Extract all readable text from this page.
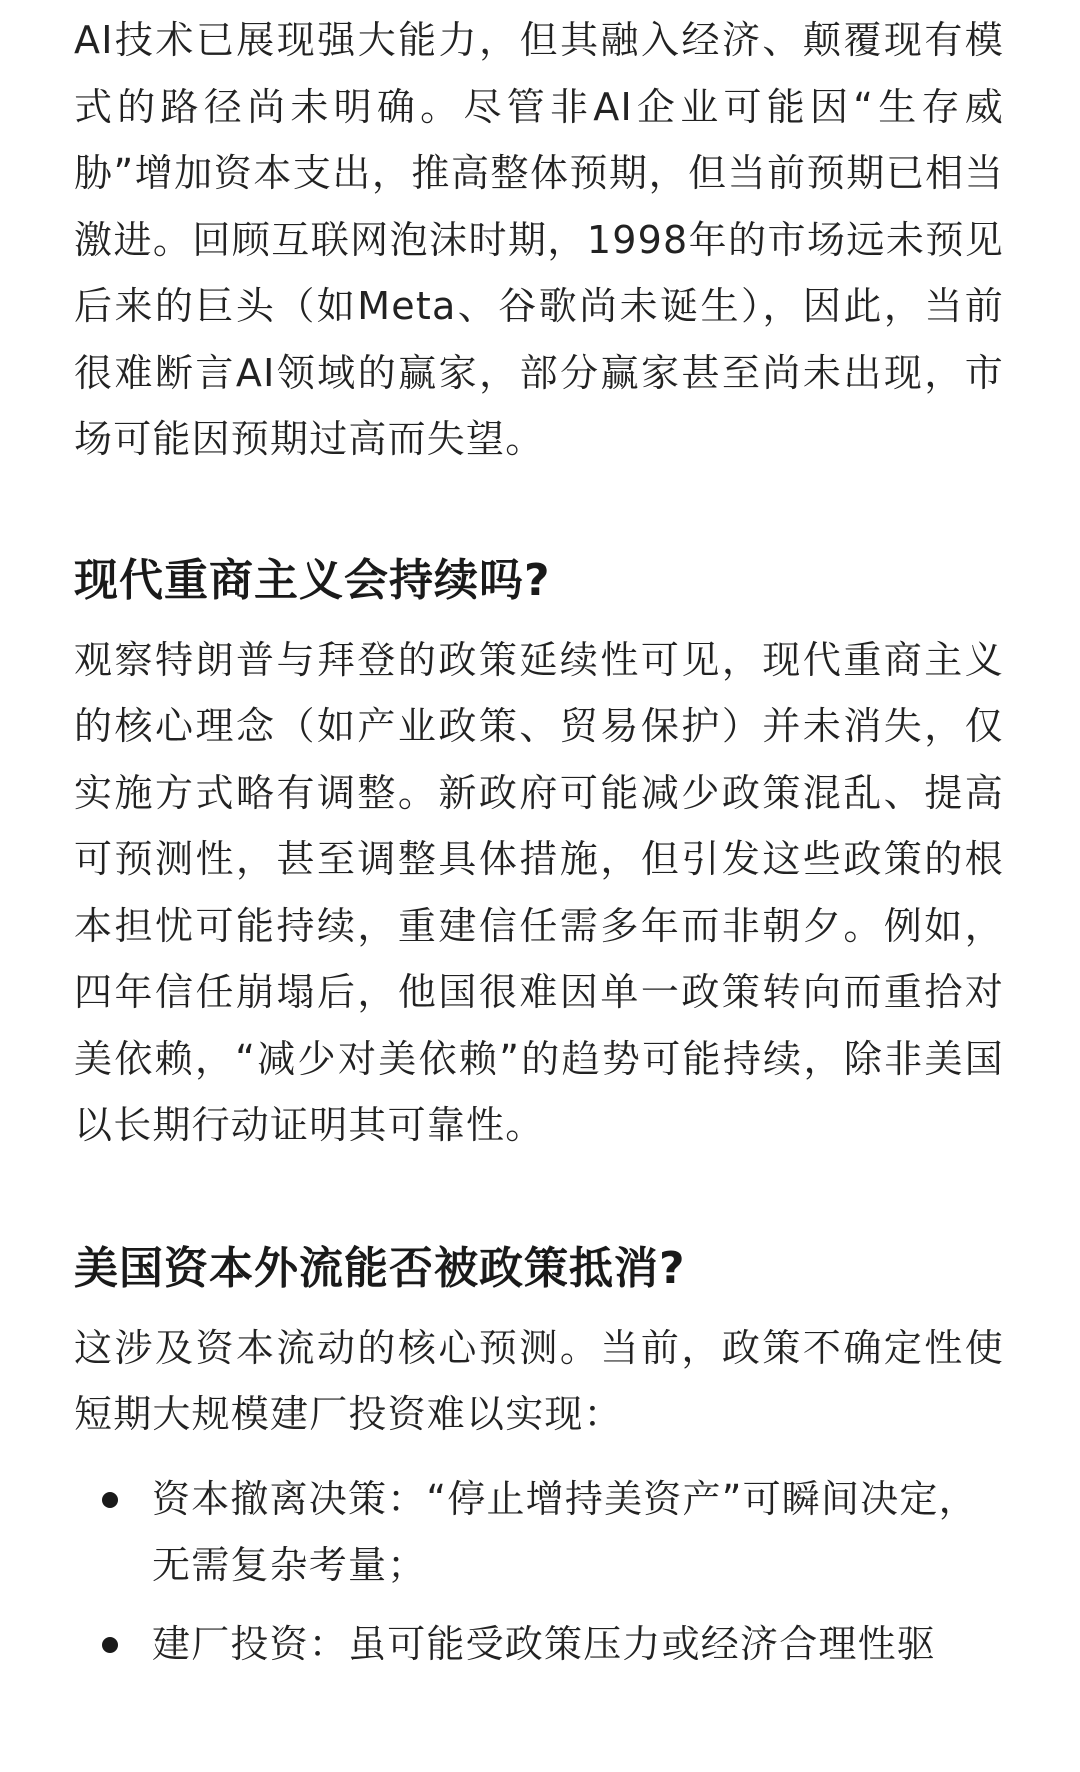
AI技术已展现强大能力，但其融入经济、颠覆现有模式的路径尚未明确。尽管非AI企业可能因“生存威胁”增加资本支出，推高整体预期，但当前预期已相当激进。回顾互联网泡沫时期，1998年的市场远未预见后来的巨头（如Meta、谷歌尚未诞生），因此，当前很难断言AI领域的赢家，部分赢家甚至尚未出现，市场可能因预期过高而失望。

现代重商主义会持续吗?

观察特朗普与拜登的政策延续性可见，现代重商主义的核心理念（如产业政策、贸易保护）并未消失，仅实施方式略有调整。新政府可能减少政策混乱、提高可预测性，甚至调整具体措施，但引发这些政策的根本担忧可能持续，重建信任需多年而非朝夕。例如，四年信任崩塌后，他国很难因单一政策转向而重拾对美依赖，“减少对美依赖”的趋势可能持续，除非美国以长期行动证明其可靠性。

美国资本外流能否被政策抵消?

这涉及资本流动的核心预测。当前，政策不确定性使短期大规模建厂投资难以实现：

资本撤离决策：“停止增持美资产”可瞬间决定，无需复杂考量；

建厂投资：虽可能受政策压力或经济合理性驱
